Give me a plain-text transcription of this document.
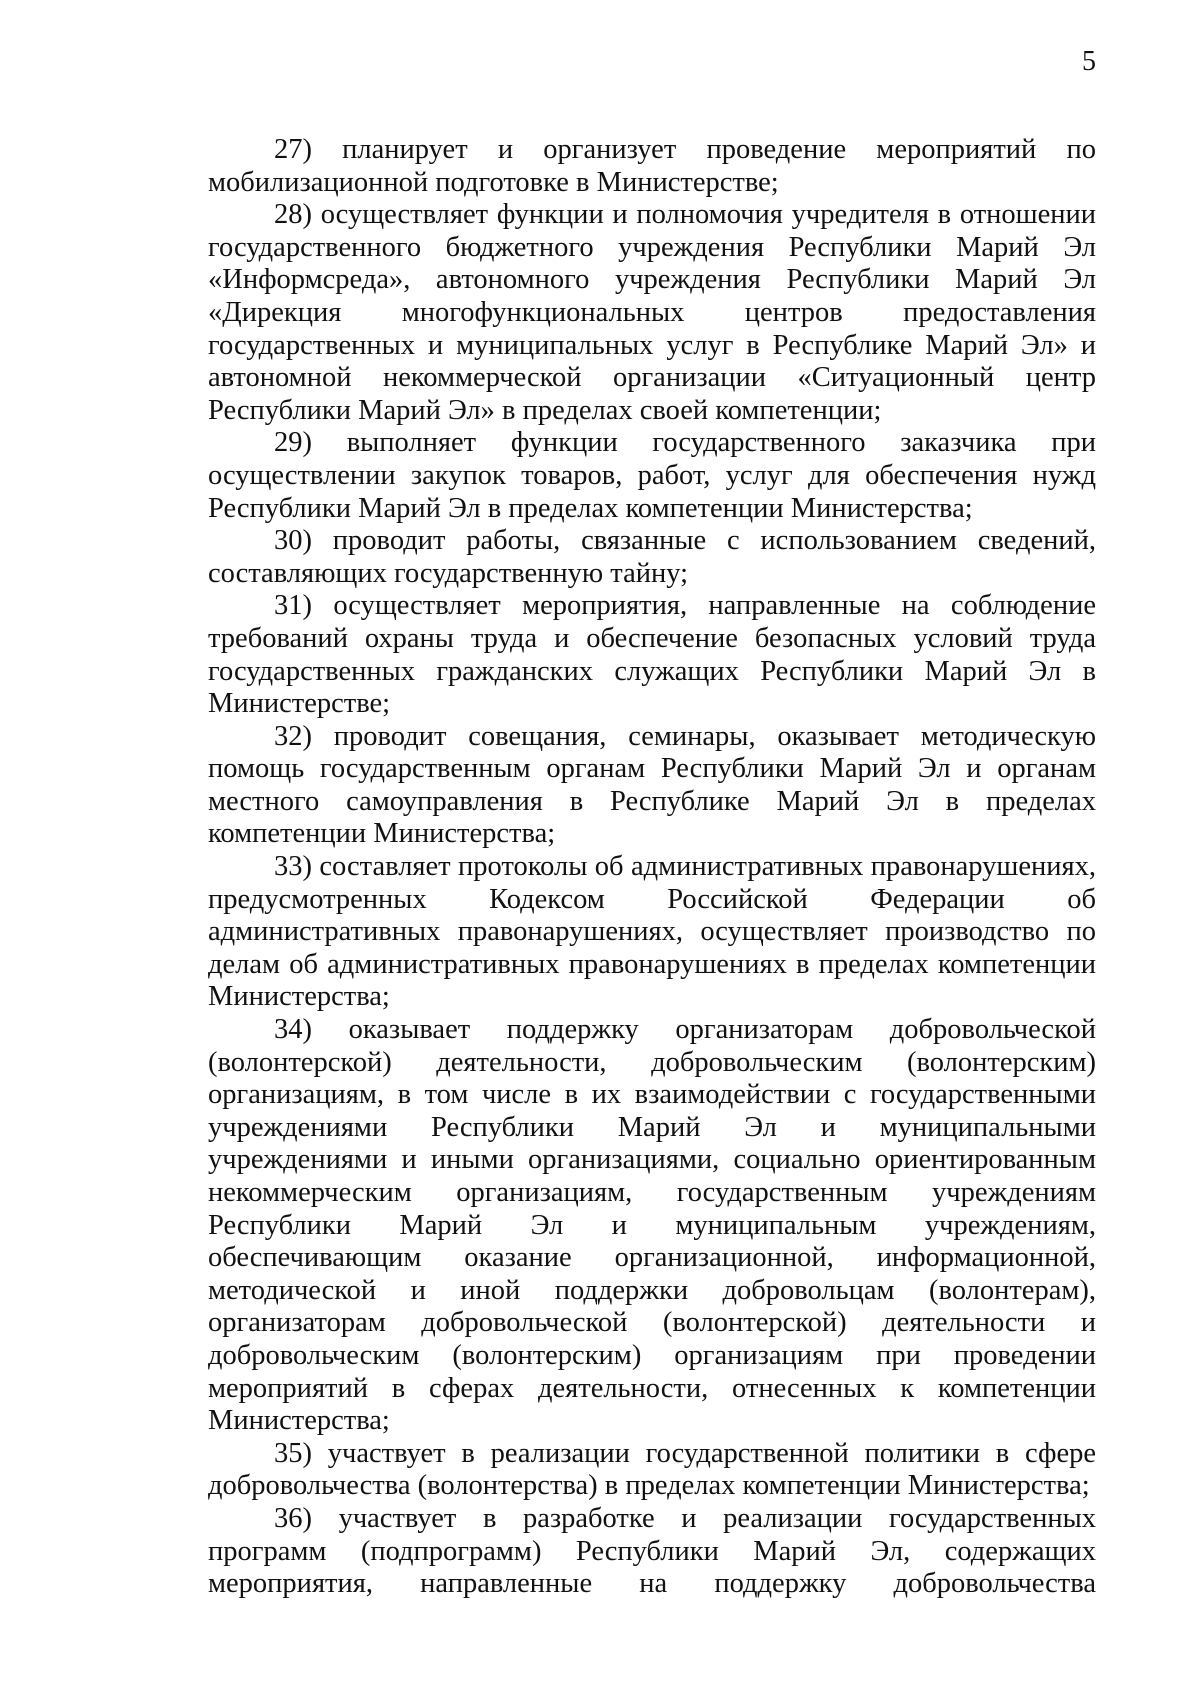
5

27) планирует и организует проведение мероприятий по мобилизационной подготовке в Министерстве;

28) осуществляет функции и полномочия учредителя в отношении государственного бюджетного учреждения Республики Марий Эл «Информсреда», автономного учреждения Республики Марий Эл «Дирекция многофункциональных центров предоставления государственных и муниципальных услуг в Республике Марий Эл» и автономной некоммерческой организации «Ситуационный центр Республики Марий Эл» в пределах своей компетенции;

29) выполняет функции государственного заказчика при осуществлении закупок товаров, работ, услуг для обеспечения нужд Республики Марий Эл в пределах компетенции Министерства;

30) проводит работы, связанные с использованием сведений, составляющих государственную тайну;

31) осуществляет мероприятия, направленные на соблюдение требований охраны труда и обеспечение безопасных условий труда государственных гражданских служащих Республики Марий Эл в Министерстве;

32) проводит совещания, семинары, оказывает методическую помощь государственным органам Республики Марий Эл и органам местного самоуправления в Республике Марий Эл в пределах компетенции Министерства;

33) составляет протоколы об административных правонарушениях, предусмотренных Кодексом Российской Федерации об административных правонарушениях, осуществляет производство по делам об административных правонарушениях в пределах компетенции Министерства;

34) оказывает поддержку организаторам добровольческой (волонтерской) деятельности, добровольческим (волонтерским) организациям, в том числе в их взаимодействии с государственными учреждениями Республики Марий Эл и муниципальными учреждениями и иными организациями, социально ориентированным некоммерческим организациям, государственным учреждениям Республики Марий Эл и муниципальным учреждениям, обеспечивающим оказание организационной, информационной, методической и иной поддержки добровольцам (волонтерам), организаторам добровольческой (волонтерской) деятельности и добровольческим (волонтерским) организациям при проведении мероприятий в сферах деятельности, отнесенных к компетенции Министерства;

35) участвует в реализации государственной политики в сфере добровольчества (волонтерства) в пределах компетенции Министерства;

36) участвует в разработке и реализации государственных программ (подпрограмм) Республики Марий Эл, содержащих мероприятия, направленные на поддержку добровольчества
